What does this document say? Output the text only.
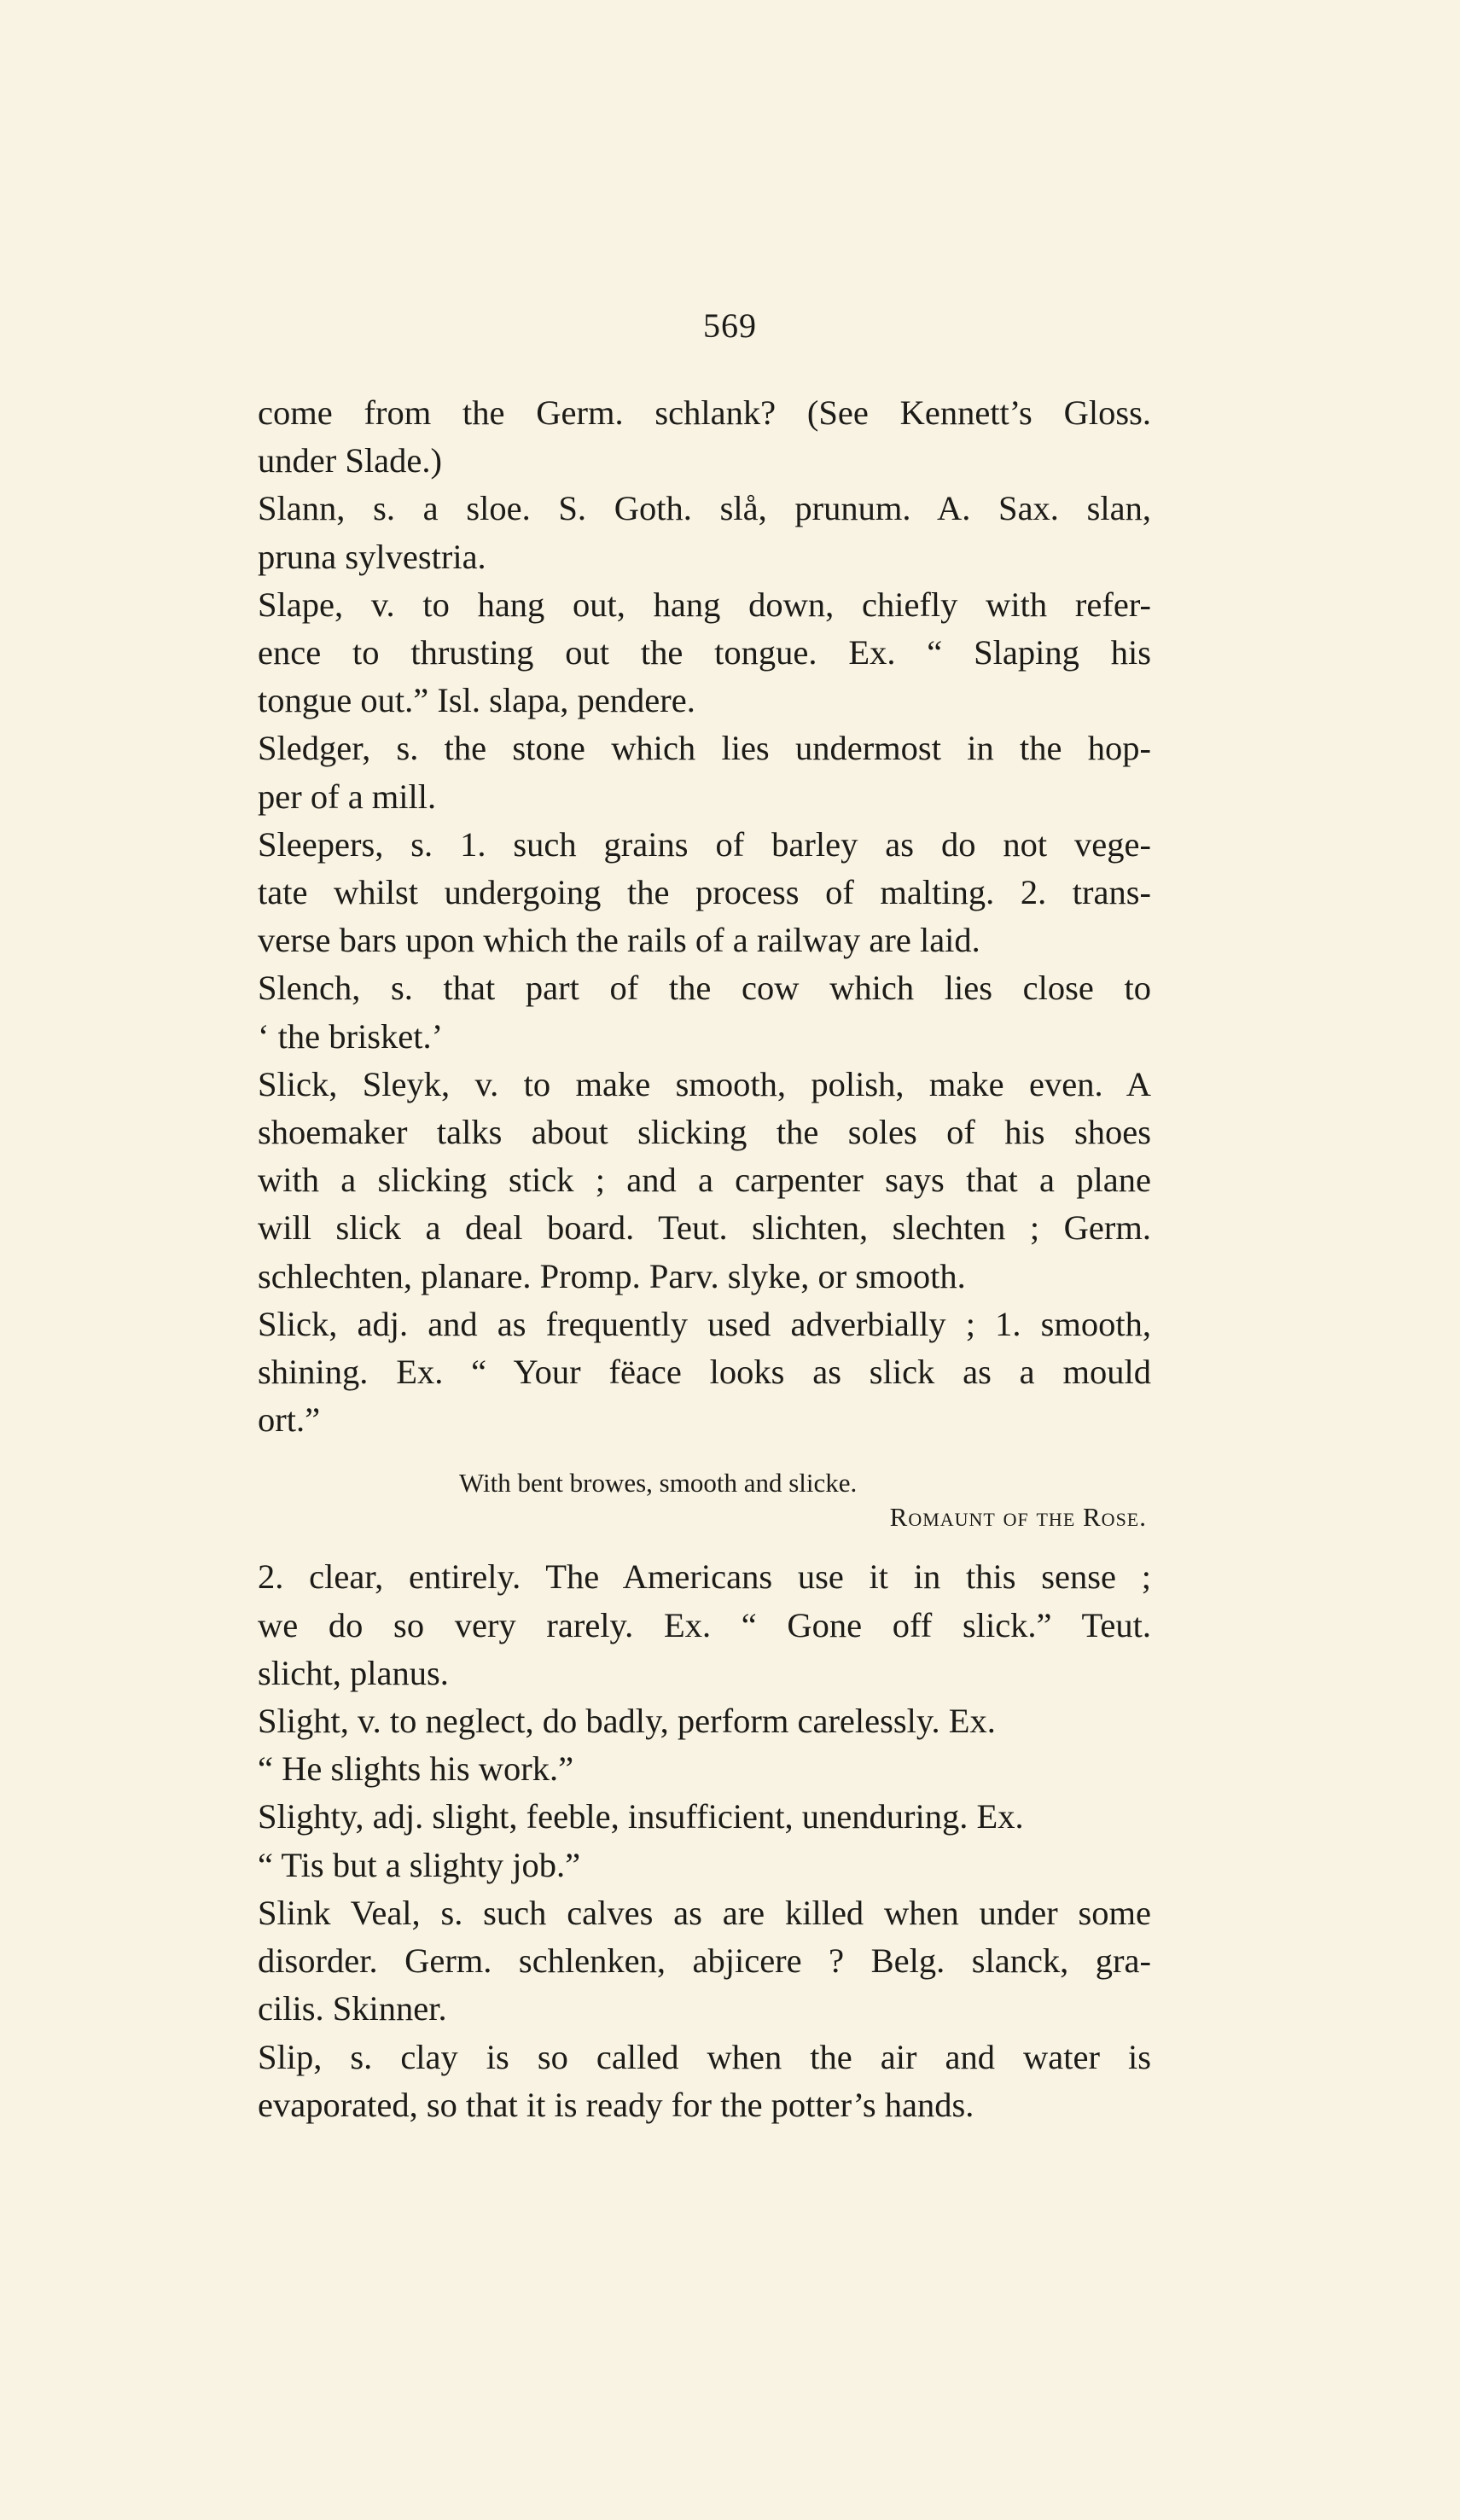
569

come from the Germ. schlank? (See Kennett’s Gloss.

under Slade.)

Slann, s. a sloe. S. Goth. slå, prunum. A. Sax. slan,

pruna sylvestria.

Slape, v. to hang out, hang down, chiefly with refer-

ence to thrusting out the tongue. Ex. “ Slaping his

tongue out.” Isl. slapa, pendere.

Sledger, s. the stone which lies undermost in the hop-

per of a mill.

Sleepers, s. 1. such grains of barley as do not vege-

tate whilst undergoing the process of malting. 2. trans-

verse bars upon which the rails of a railway are laid.

Slench, s. that part of the cow which lies close to

‘ the brisket.’

Slick, Sleyk, v. to make smooth, polish, make even. A

shoemaker talks about slicking the soles of his shoes

with a slicking stick ; and a carpenter says that a plane

will slick a deal board. Teut. slichten, slechten ; Germ.

schlechten, planare. Promp. Parv. slyke, or smooth.

Slick, adj. and as frequently used adverbially ; 1. smooth,

shining. Ex. “ Your fëace looks as slick as a mould

ort.”

With bent browes, smooth and slicke.
Romaunt of the Rose.

2. clear, entirely. The Americans use it in this sense ;

we do so very rarely. Ex. “ Gone off slick.” Teut.

slicht, planus.

Slight, v. to neglect, do badly, perform carelessly. Ex.

“ He slights his work.”

Slighty, adj. slight, feeble, insufficient, unenduring. Ex.

“ Tis but a slighty job.”

Slink Veal, s. such calves as are killed when under some

disorder. Germ. schlenken, abjicere ? Belg. slanck, gra-

cilis. Skinner.

Slip, s. clay is so called when the air and water is

evaporated, so that it is ready for the potter’s hands.
